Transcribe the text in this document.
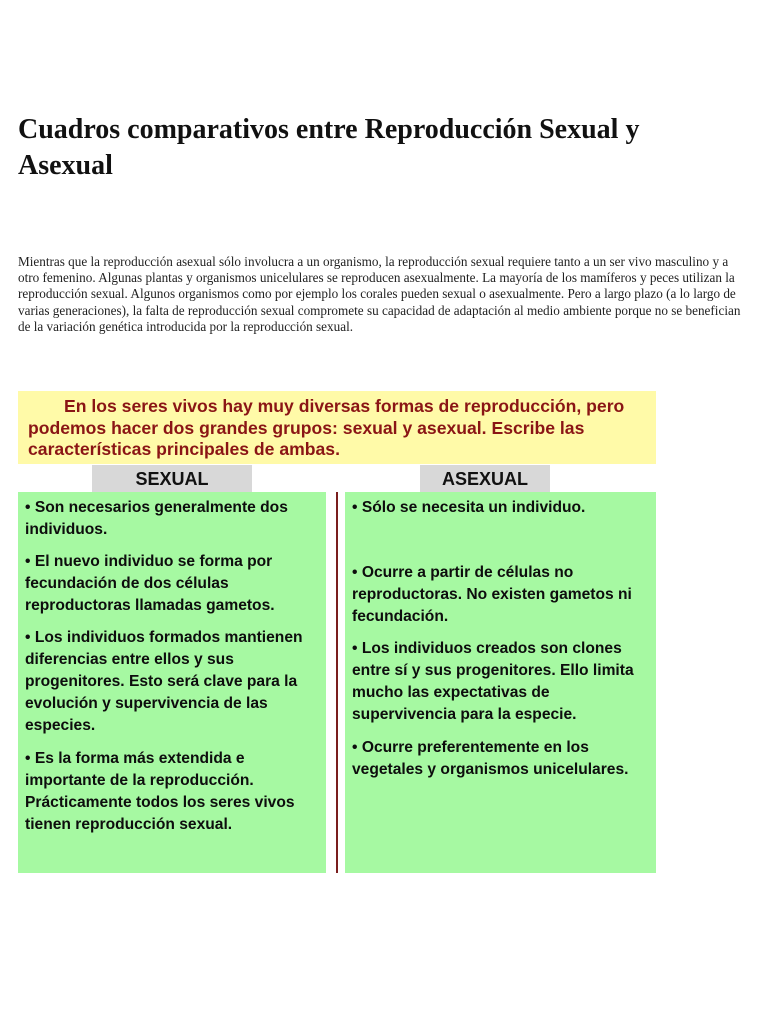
Cuadros comparativos entre Reproducción Sexual y Asexual

Mientras que la reproducción asexual sólo involucra a un organismo, la reproducción sexual requiere tanto a un ser vivo masculino y a otro femenino. Algunas plantas y organismos unicelulares se reproducen asexualmente. La mayoría de los mamíferos y peces utilizan la reproducción sexual. Algunos organismos como por ejemplo los corales pueden sexual o asexualmente. Pero a largo plazo (a lo largo de varias generaciones), la falta de reproducción sexual compromete su capacidad de adaptación al medio ambiente porque no se benefician de la variación genética introducida por la reproducción sexual.

En los seres vivos hay muy diversas formas de reproducción, pero podemos hacer dos grandes grupos: sexual y asexual. Escribe las características principales de ambas.

SEXUAL	ASEXUAL

• Son necesarios generalmente dos individuos.

• El nuevo individuo se forma por fecundación de dos células reproductoras llamadas gametos.

• Los individuos formados mantienen diferencias entre ellos y sus progenitores. Esto será clave para la evolución y supervivencia de las especies.

• Es la forma más extendida e importante de la reproducción. Prácticamente todos los seres vivos tienen reproducción sexual.

• Sólo se necesita un individuo.

• Ocurre a partir de células no reproductoras. No existen gametos ni fecundación.

• Los individuos creados son clones entre sí y sus progenitores. Ello limita mucho las expectativas de supervivencia para la especie.

• Ocurre preferentemente en los vegetales y organismos unicelulares.
